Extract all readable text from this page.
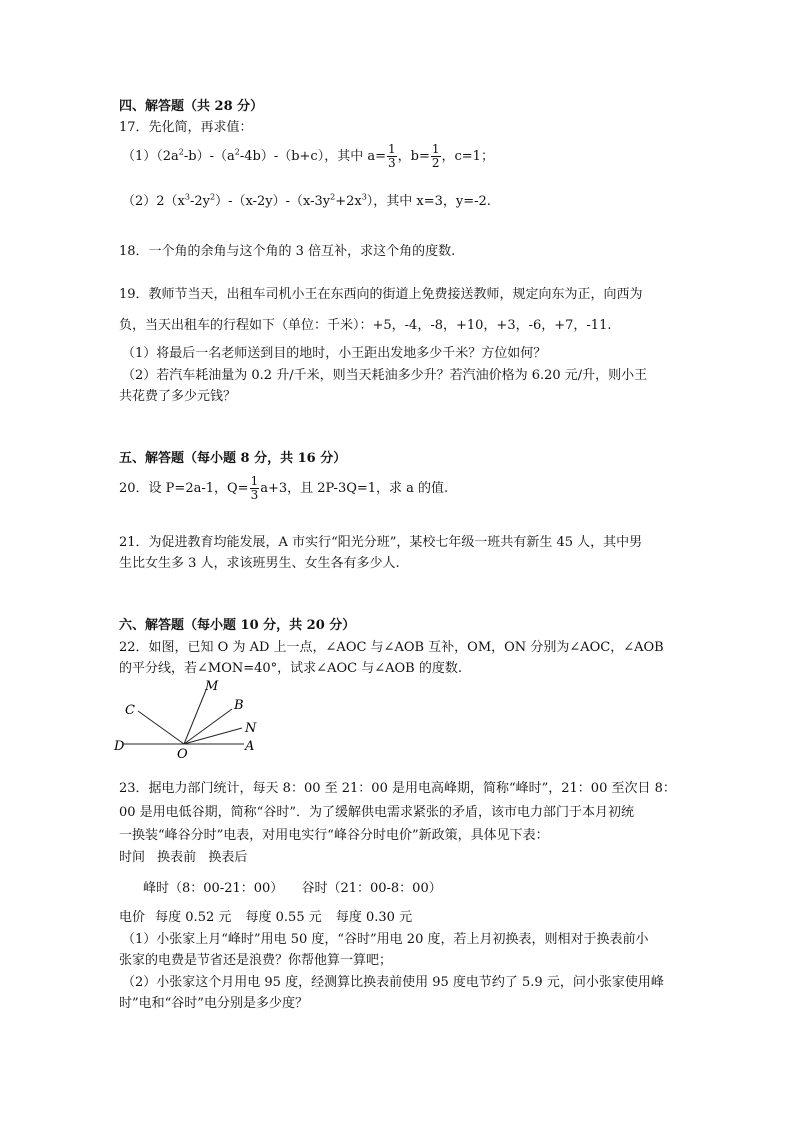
四、解答题（共 28 分）
17．先化简，再求值：
$(1)(2a^2-b)-(a^2-4b)-(b+c)$，其中 $a= \frac{1}{3}$ ，$b= \frac{1}{2}$ ，c=1；
$(2)2(x^3-2y^2)-(x-2y)-(x-3y^2+2x^3)$，其中 x=3，y=-2.
18．一个角的余角与这个角的 3 倍互补，求这个角的度数.
19．教师节当天，出租车司机小王在东西向的街道上免费接送教师，规定向东为正，向西为
负，当天出租车的行程如下（单位：千米）：+5，-4，-8，+10，+3，-6，+7，-11.
（1）将最后一名老师送到目的地时，小王距出发地多少千米？方位如何？
（2）若汽车耗油量为 0.2 升/千米，则当天耗油多少升？若汽油价格为 6.20 元/升，则小王
共花费了多少元钱？
五、解答题（每小题 8 分，共 16 分）
20．设 P=2a-1，$Q= \frac{1}{3} a+3$，且 2P-3Q=1，求 a 的值.
21．为促进教育均能发展，A 市实行“阳光分班”，某校七年级一班共有新生 45 人，其中男
生比女生多 3 人，求该班男生、女生各有多少人.
六、解答题（每小题 10 分，共 20 分）
22．如图，已知 O 为 AD 上一点，∠AOC 与∠AOB 互补，OM，ON 分别为∠AOC，∠AOB
的平分线，若∠MON=40°，试求∠AOC 与∠AOB 的度数.
M
B
C
N
D
O
A
23．据电力部门统计，每天 8：00 至 21：00 是用电高峰期，简称“峰时”，21：00 至次日 8：
00 是用电低谷期，简称“谷时”．为了缓解供电需求紧张的矛盾，该市电力部门于本月初统
一换装“峰谷分时”电表，对用电实行“峰谷分时电价”新政策，具体见下表：
时间 换表前 换表后
峰时（8：00-21：00） 谷时（21：00-8：00）
电价 每度 0.52 元 每度 0.55 元 每度 0.30 元
（1）小张家上月“峰时”用电 50 度，“谷时”用电 20 度，若上月初换表，则相对于换表前小
张家的电费是节省还是浪费？你帮他算一算吧；
（2）小张家这个月用电 95 度，经测算比换表前使用 95 度电节约了 5.9 元，问小张家使用峰
时”电和“谷时”电分别是多少度？
